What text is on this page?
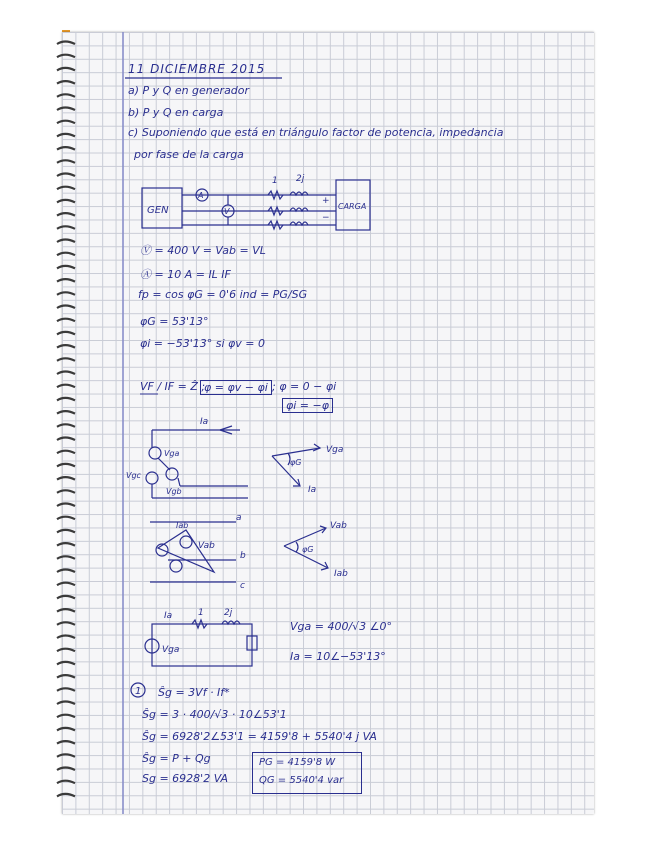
11 DICIEMBRE 2015
a) P y Q en generador
b) P y Q en carga
c) Suponiendo que está en triángulo factor de potencia, impedancia
por fase de la carga
Ⓥ = 400 V = Vab = VL
Ⓐ = 10 A = IL IF
fp = cos φG = 0'6 ind = PG/SG
φG = 53'13°
φi = −53'13° si φv = 0
VF / IF = Ẑ ;
φ = φv − φi ; φ = 0 − φi
φi = −φ
Vga = 400/√3 ∠0°
Ia = 10∠−53'13°
Ŝg = 3Vf · If*
Ŝg = 3 · 400/√3 · 10∠53'1
Ŝg = 6928'2∠53'1 = 4159'8 + 5540'4 j VA
Ŝg = P + Qg
Sg = 6928'2 VA
PG = 4159'8 W
QG = 5540'4 var
GEN	CARGA
A
V
1 2j
+
−
Ia
Vga
Vgc
Vgb
Vga
Ia
φG
Iab
Vab
a
b
c
Vab
Iab
φG
Ia	1 2j
Vga
1
